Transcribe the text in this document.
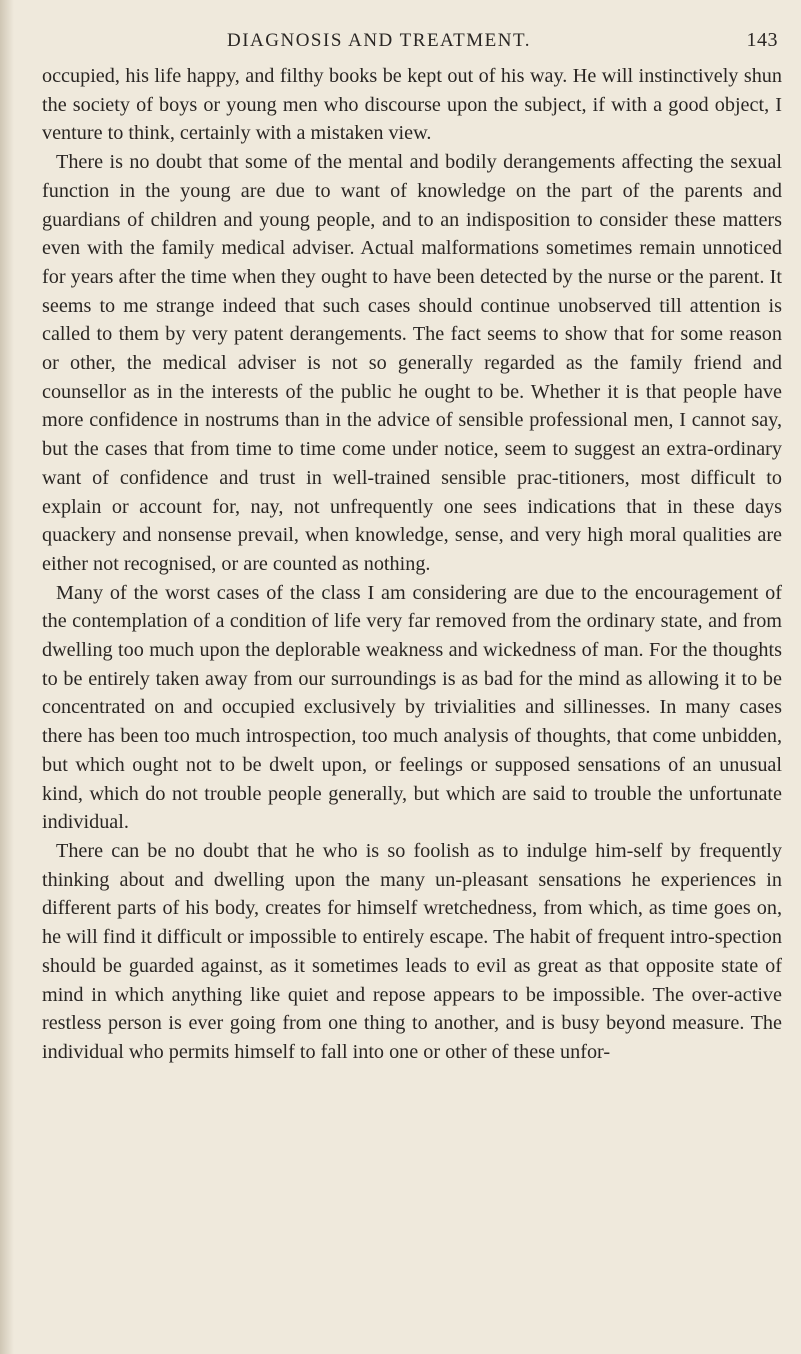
DIAGNOSIS AND TREATMENT.	143

occupied, his life happy, and filthy books be kept out of his way. He will instinctively shun the society of boys or young men who discourse upon the subject, if with a good object, I venture to think, certainly with a mistaken view.

There is no doubt that some of the mental and bodily derangements affecting the sexual function in the young are due to want of knowledge on the part of the parents and guardians of children and young people, and to an indisposition to consider these matters even with the family medical adviser. Actual malformations sometimes remain unnoticed for years after the time when they ought to have been detected by the nurse or the parent. It seems to me strange indeed that such cases should continue unobserved till attention is called to them by very patent derangements. The fact seems to show that for some reason or other, the medical adviser is not so generally regarded as the family friend and counsellor as in the interests of the public he ought to be. Whether it is that people have more confidence in nostrums than in the advice of sensible professional men, I cannot say, but the cases that from time to time come under notice, seem to suggest an extra-ordinary want of confidence and trust in well-trained sensible prac-titioners, most difficult to explain or account for, nay, not unfrequently one sees indications that in these days quackery and nonsense prevail, when knowledge, sense, and very high moral qualities are either not recognised, or are counted as nothing.

Many of the worst cases of the class I am considering are due to the encouragement of the contemplation of a condition of life very far removed from the ordinary state, and from dwelling too much upon the deplorable weakness and wickedness of man. For the thoughts to be entirely taken away from our surroundings is as bad for the mind as allowing it to be concentrated on and occupied exclusively by trivialities and sillinesses. In many cases there has been too much introspection, too much analysis of thoughts, that come unbidden, but which ought not to be dwelt upon, or feelings or supposed sensations of an unusual kind, which do not trouble people generally, but which are said to trouble the unfortunate individual.

There can be no doubt that he who is so foolish as to indulge him-self by frequently thinking about and dwelling upon the many un-pleasant sensations he experiences in different parts of his body, creates for himself wretchedness, from which, as time goes on, he will find it difficult or impossible to entirely escape. The habit of frequent intro-spection should be guarded against, as it sometimes leads to evil as great as that opposite state of mind in which anything like quiet and repose appears to be impossible. The over-active restless person is ever going from one thing to another, and is busy beyond measure. The individual who permits himself to fall into one or other of these unfor-
